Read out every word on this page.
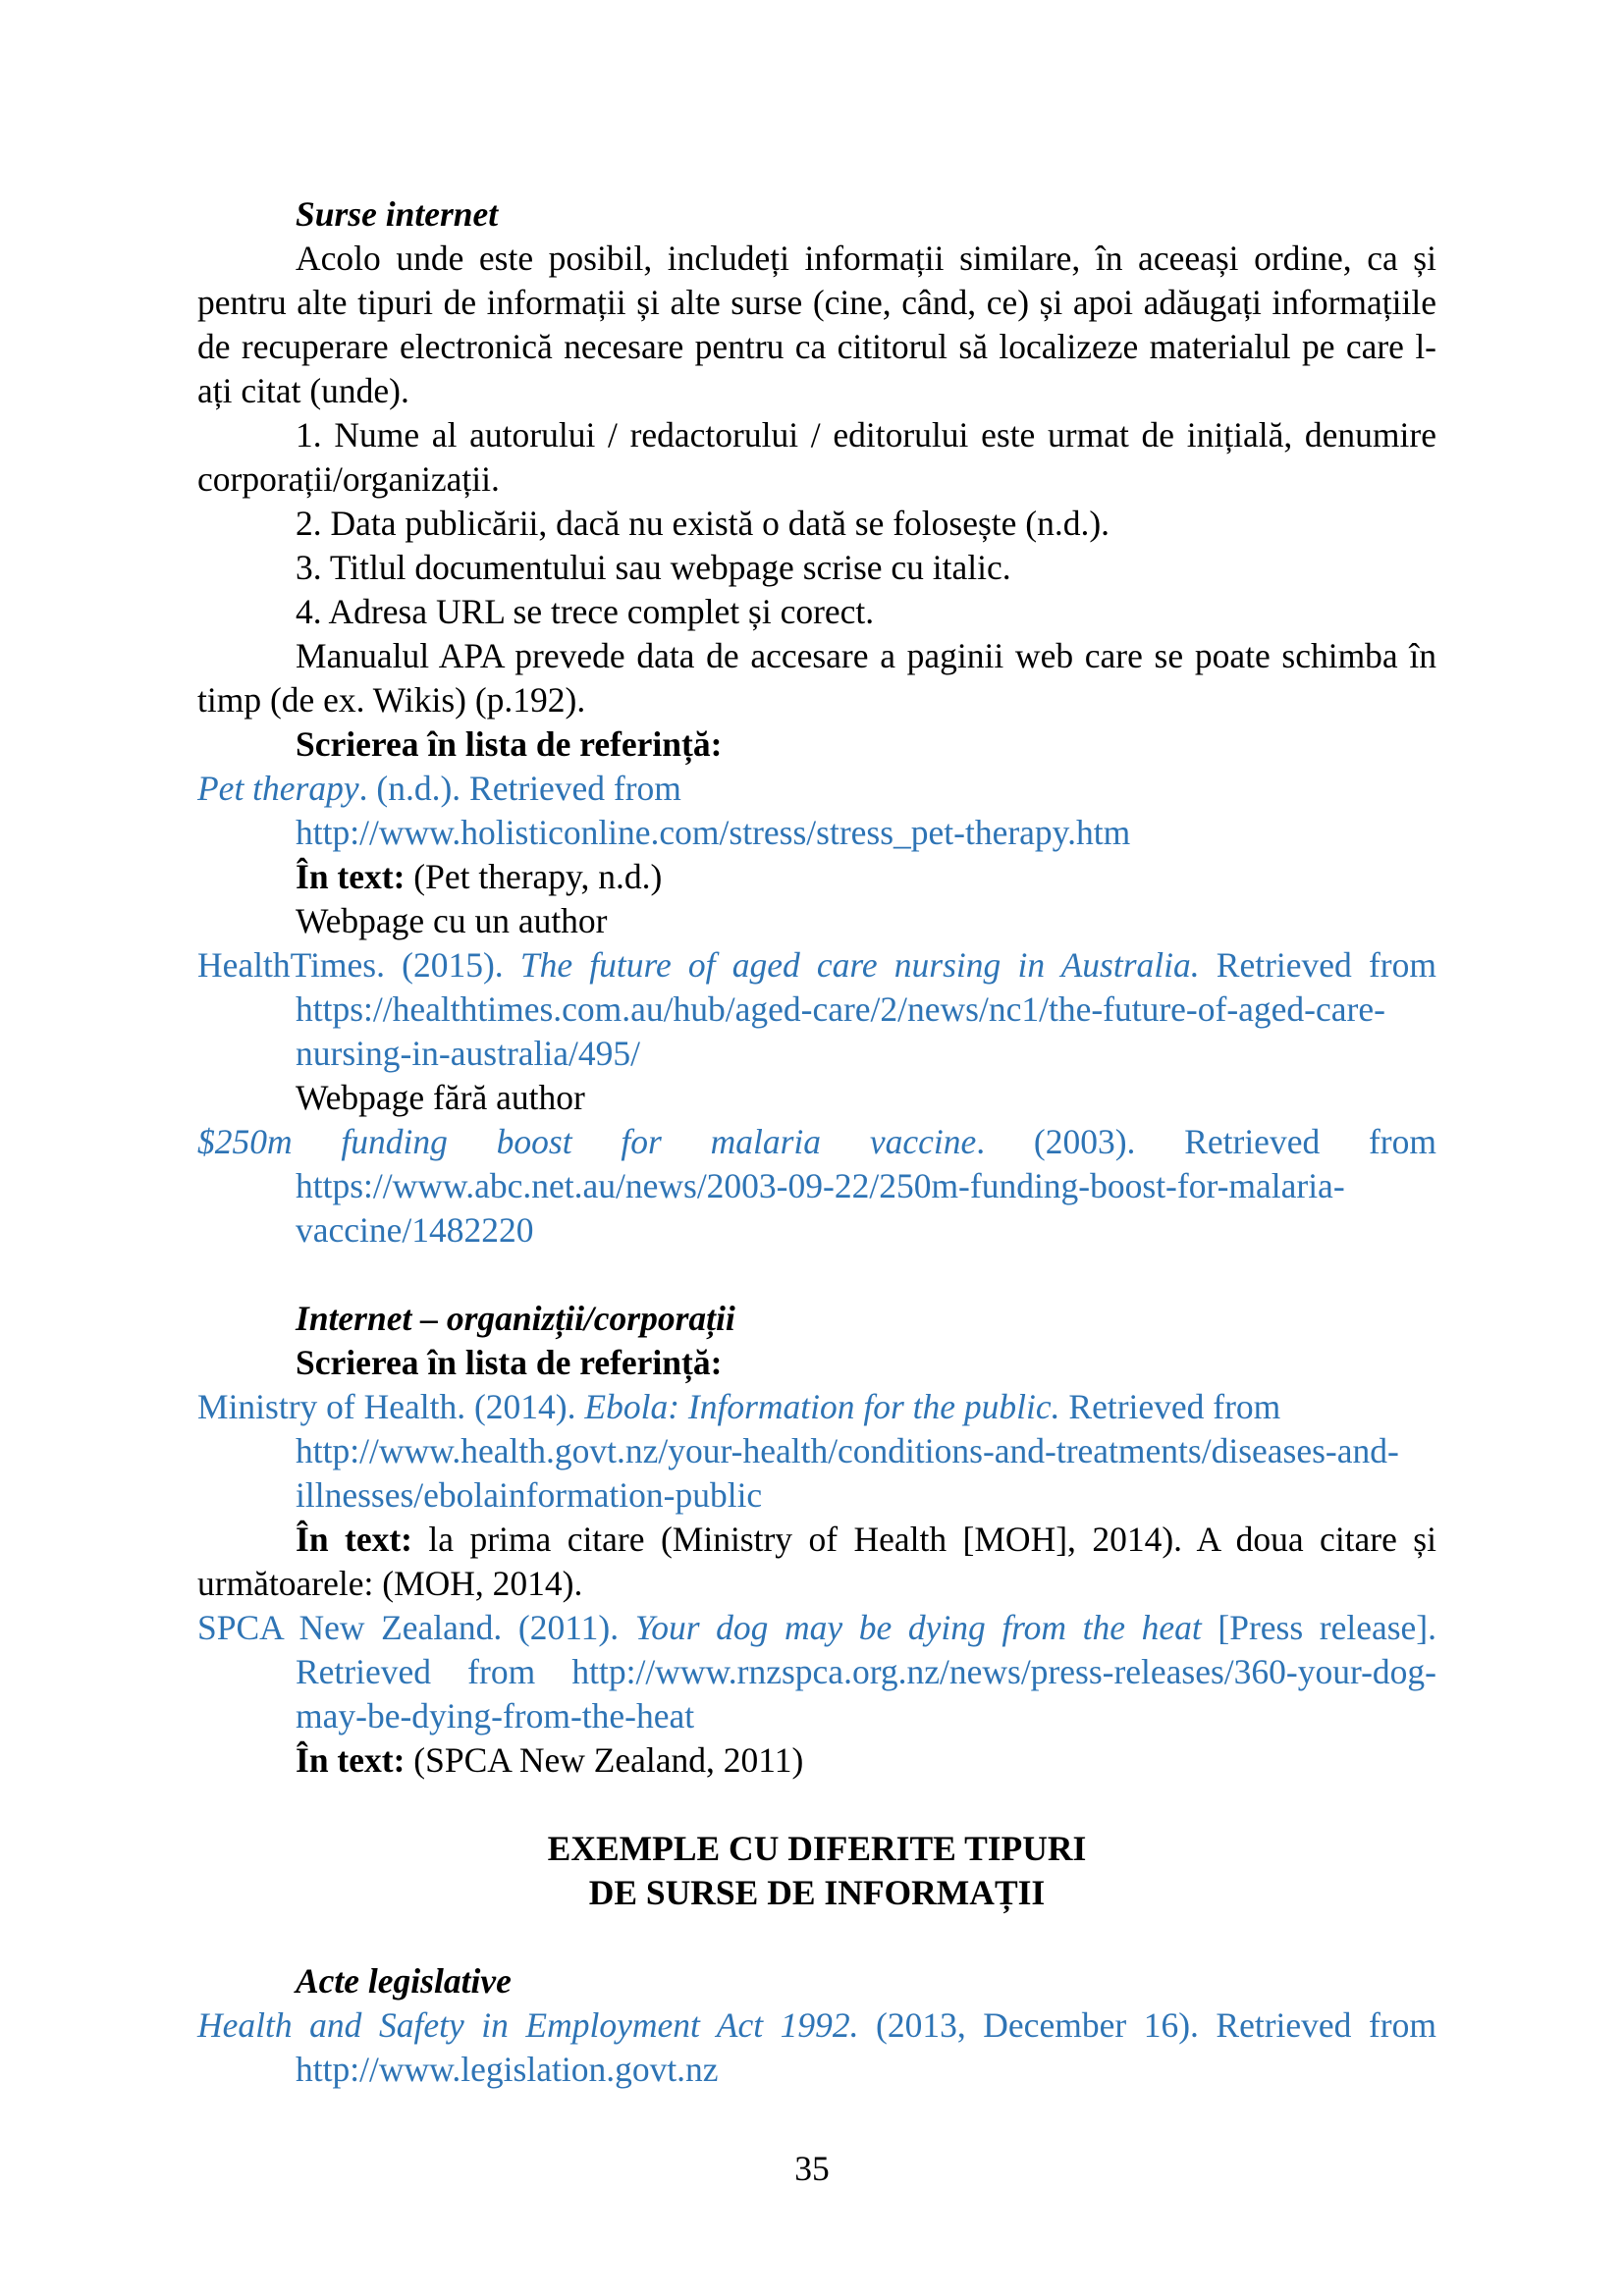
Surse internet

Acolo unde este posibil, includeți informații similare, în aceeași ordine, ca și pentru alte tipuri de informații și alte surse (cine, când, ce) și apoi adăugați informațiile de recuperare electronică necesare pentru ca cititorul să localizeze materialul pe care l-ați citat (unde).

1. Nume al autorului / redactorului / editorului este urmat de inițială, denumire corporații/organizații.

2. Data publicării, dacă nu există o dată se folosește (n.d.).

3. Titlul documentului sau webpage scrise cu italic.

4. Adresa URL se trece complet și corect.

Manualul APA prevede data de accesare a paginii web care se poate schimba în timp (de ex. Wikis) (p.192).

Scrierea în lista de referință:

Pet therapy. (n.d.). Retrieved from
http://www.holisticonline.com/stress/stress_pet-therapy.htm

În text: (Pet therapy, n.d.)

Webpage cu un author

HealthTimes. (2015). The future of aged care nursing in Australia. Retrieved from https://healthtimes.com.au/hub/aged-care/2/news/nc1/the-future-of-aged-care-nursing-in-australia/495/

Webpage fără author

$250m funding boost for malaria vaccine. (2003). Retrieved from https://www.abc.net.au/news/2003-09-22/250m-funding-boost-for-malaria-vaccine/1482220

Internet – organizții/corporații

Scrierea în lista de referință:

Ministry of Health. (2014). Ebola: Information for the public. Retrieved from http://www.health.govt.nz/your-health/conditions-and-treatments/diseases-and-illnesses/ebolainformation-public

În text: la prima citare (Ministry of Health [MOH], 2014). A doua citare și următoarele: (MOH, 2014).

SPCA New Zealand. (2011). Your dog may be dying from the heat [Press release]. Retrieved from http://www.rnzspca.org.nz/news/press-releases/360-your-dog-may-be-dying-from-the-heat

În text: (SPCA New Zealand, 2011)

EXEMPLE CU DIFERITE TIPURI

DE SURSE DE INFORMAȚII

Acte legislative

Health and Safety in Employment Act 1992. (2013, December 16). Retrieved from http://www.legislation.govt.nz

35
